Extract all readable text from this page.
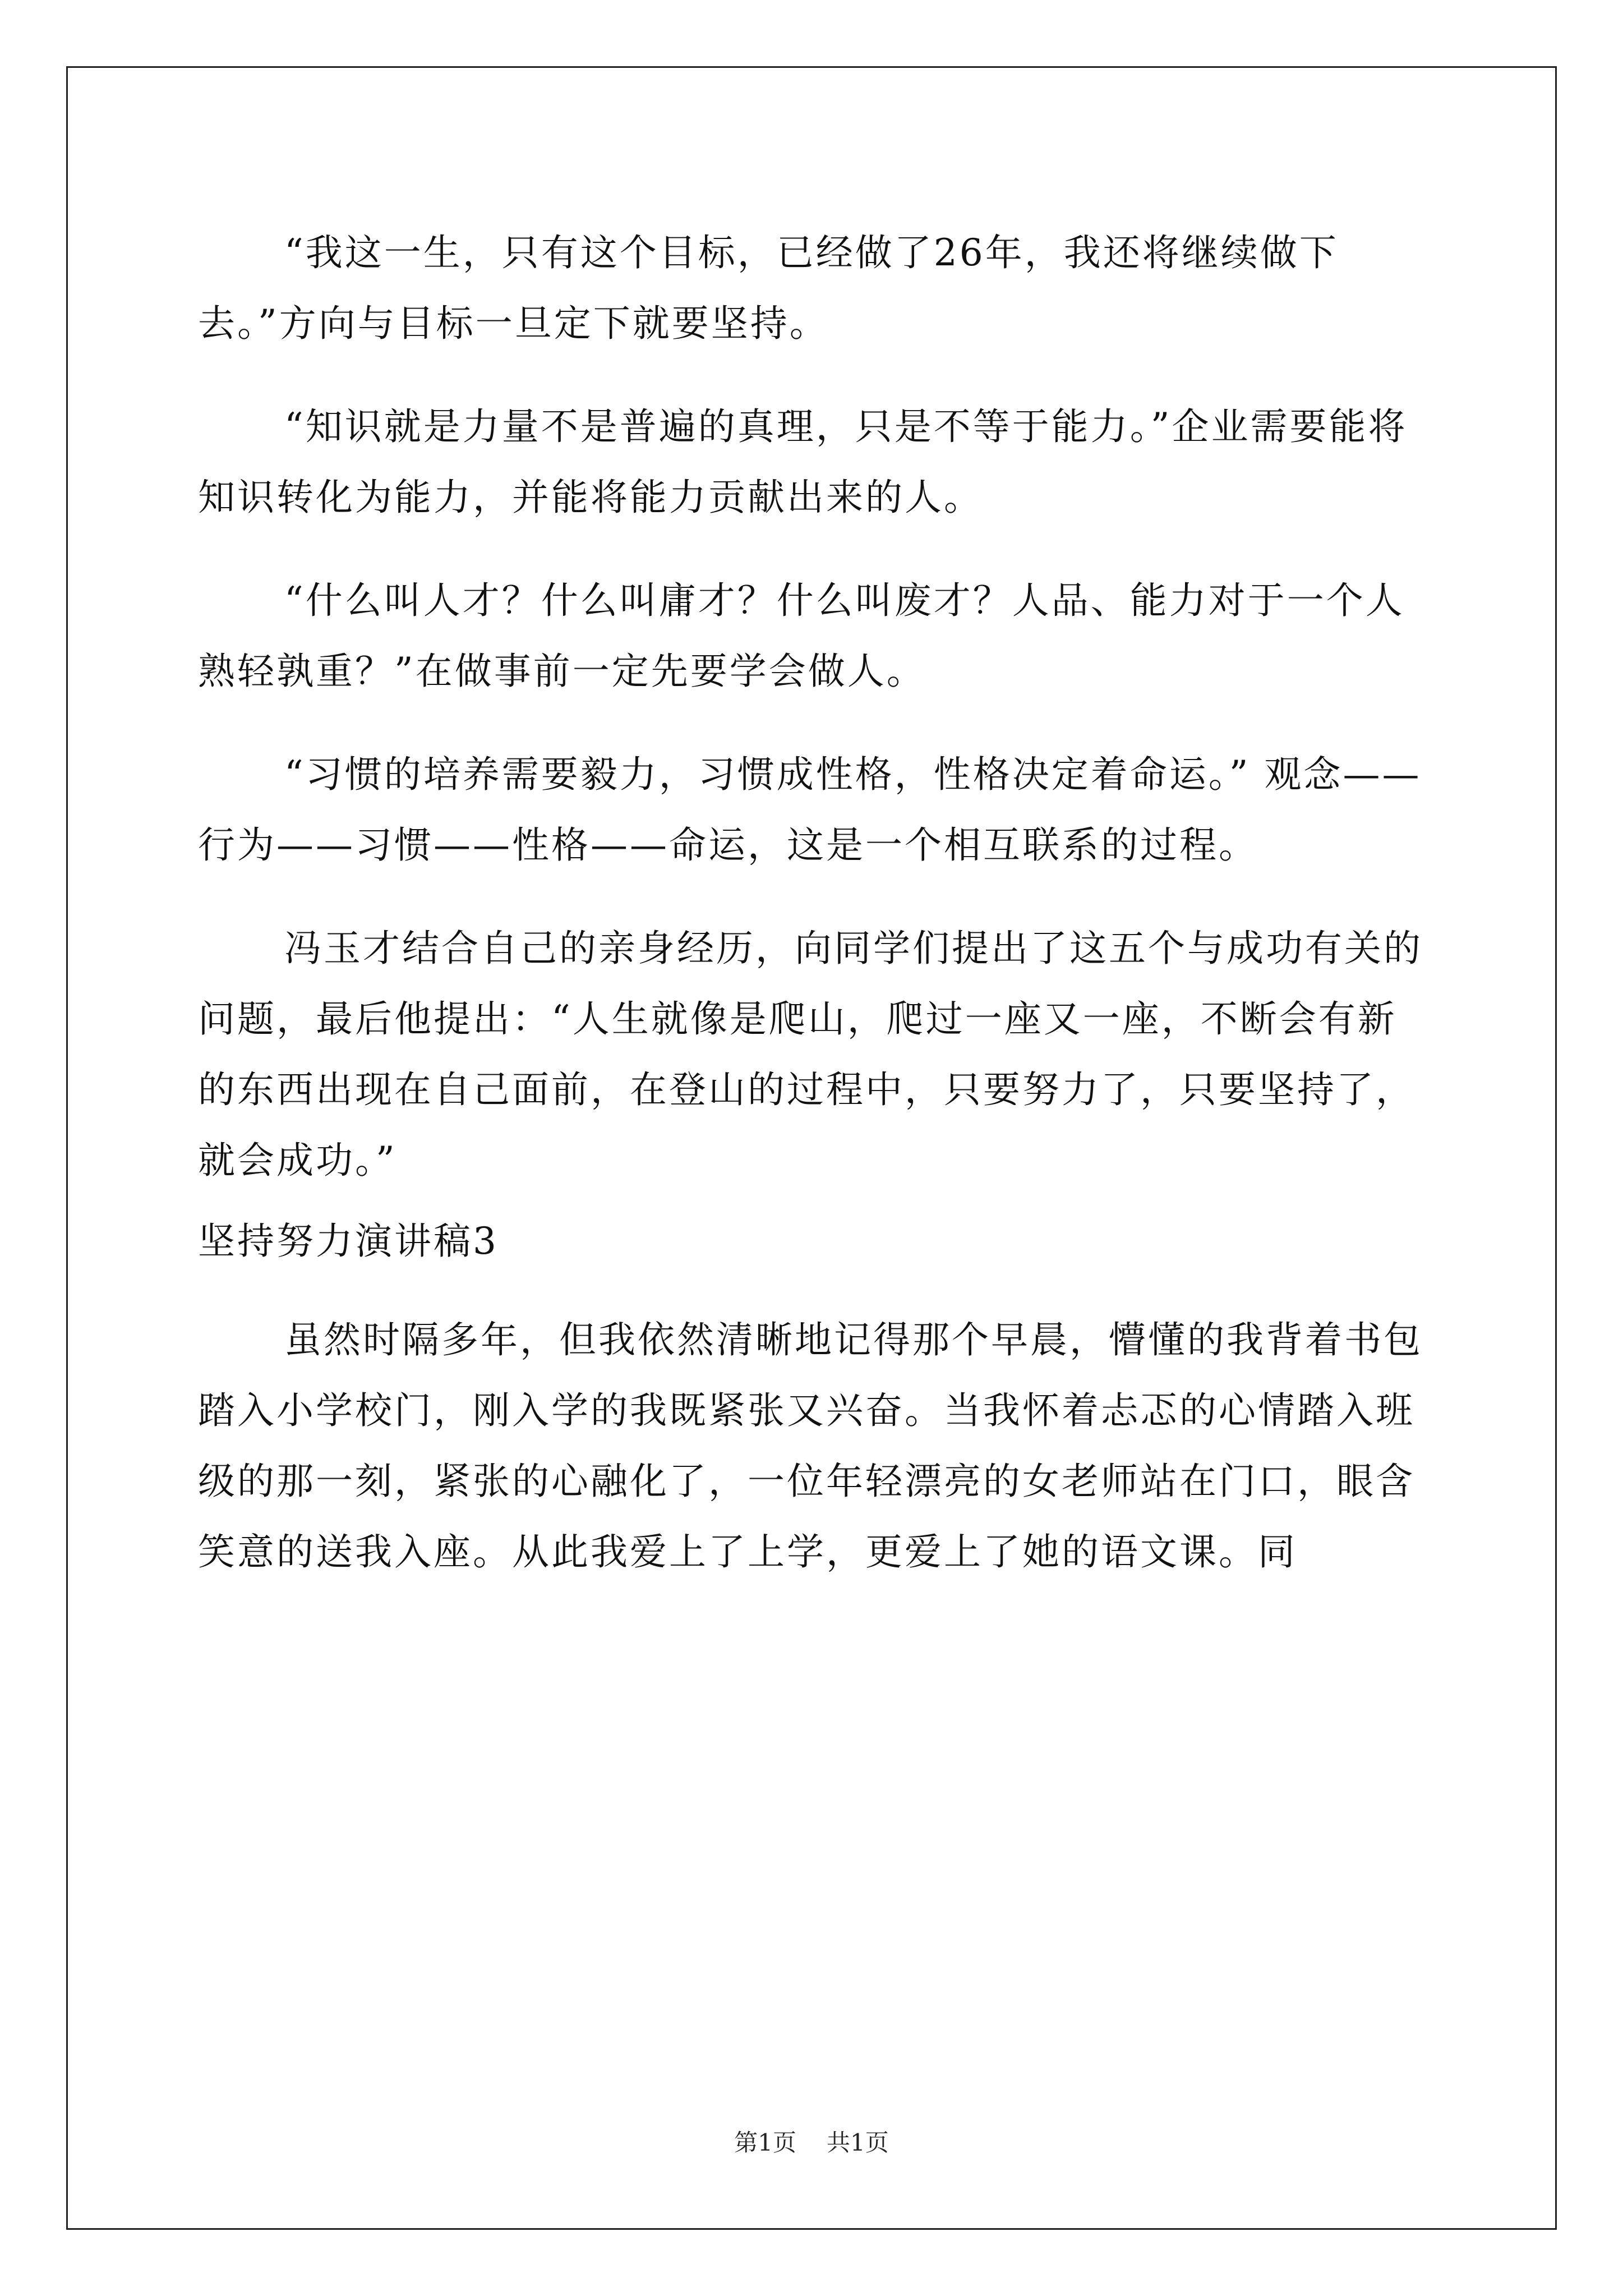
“我这一生，只有这个目标，已经做了26年，我还将继续做下去。”方向与目标一旦定下就要坚持。

“知识就是力量不是普遍的真理，只是不等于能力。”企业需要能将知识转化为能力，并能将能力贡献出来的人。

“什么叫人才？什么叫庸才？什么叫废才？人品、能力对于一个人熟轻孰重？”在做事前一定先要学会做人。

“习惯的培养需要毅力，习惯成性格，性格决定着命运。” 观念——行为——习惯——性格——命运，这是一个相互联系的过程。

冯玉才结合自己的亲身经历，向同学们提出了这五个与成功有关的问题，最后他提出：“人生就像是爬山，爬过一座又一座，不断会有新的东西出现在自己面前，在登山的过程中，只要努力了，只要坚持了，就会成功。”

坚持努力演讲稿3

虽然时隔多年，但我依然清晰地记得那个早晨，懵懂的我背着书包踏入小学校门，刚入学的我既紧张又兴奋。当我怀着忐忑的心情踏入班级的那一刻，紧张的心融化了，一位年轻漂亮的女老师站在门口，眼含笑意的送我入座。从此我爱上了上学，更爱上了她的语文课。同

第1页 共1页
